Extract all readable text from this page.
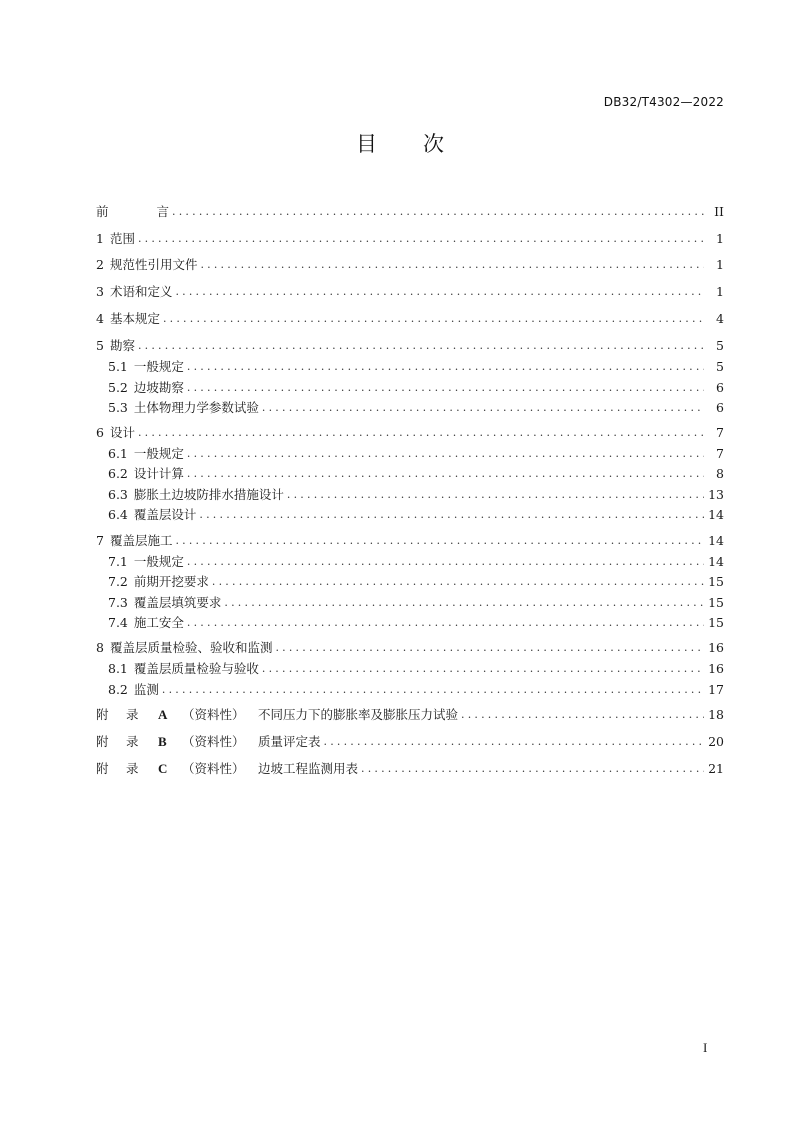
DB32/T4302—2022
目 次
前	言 .....	II
1 范围 .....	1
2 规范性引用文件 .....	1
3 术语和定义 .....	1
4 基本规定 .....	4
5 勘察 .....	5
5.1 一般规定 .....	5
5.2 边坡勘察 .....	6
5.3 土体物理力学参数试验 .....	6
6 设计 .....	7
6.1 一般规定 .....	7
6.2 设计计算 .....	8
6.3 膨胀土边坡防排水措施设计 .....	13
6.4 覆盖层设计 .....	14
7 覆盖层施工 .....	14
7.1 一般规定 .....	14
7.2 前期开挖要求 .....	15
7.3 覆盖层填筑要求 .....	15
7.4 施工安全 .....	15
8 覆盖层质量检验、验收和监测 .....	16
8.1 覆盖层质量检验与验收 .....	16
8.2 监测 .....	17
附 录 A （资料性） 不同压力下的膨胀率及膨胀压力试验 .....	18
附 录 B （资料性） 质量评定表 .....	20
附 录 C （资料性） 边坡工程监测用表 .....	21
I
